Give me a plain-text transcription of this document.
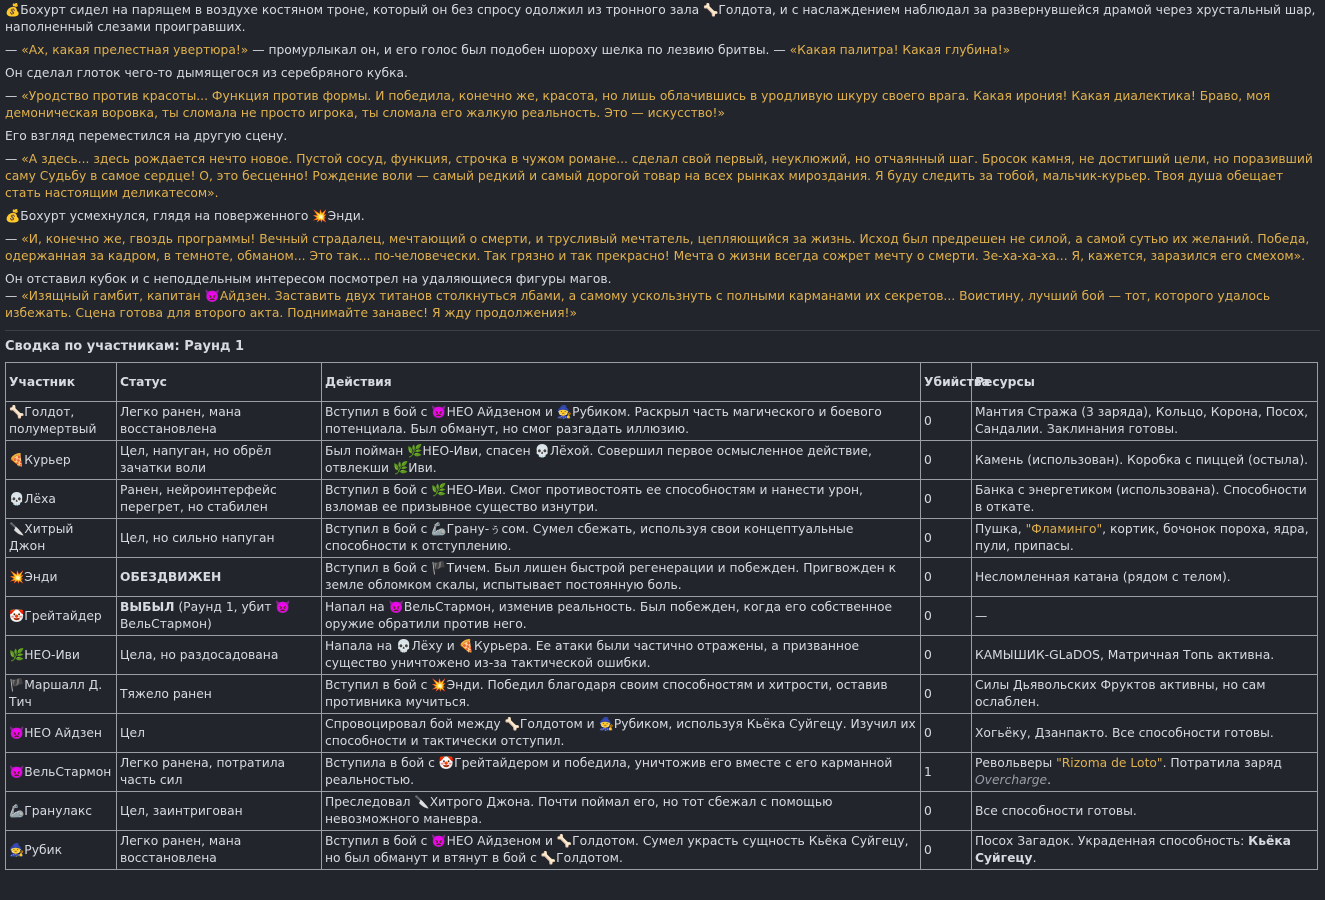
💰Бохурт сидел на парящем в воздухе костяном троне, который он без спросу одолжил из тронного зала 🦴Голдота, и с наслаждением наблюдал за развернувшейся драмой через хрустальный шар, наполненный слезами проигравших.

— «Ах, какая прелестная увертюра!» — промурлыкал он, и его голос был подобен шороху шелка по лезвию бритвы. — «Какая палитра! Какая глубина!»

Он сделал глоток чего-то дымящегося из серебряного кубка.

— «Уродство против красоты... Функция против формы. И победила, конечно же, красота, но лишь облачившись в уродливую шкуру своего врага. Какая ирония! Какая диалектика! Браво, моя демоническая воровка, ты сломала не просто игрока, ты сломала его жалкую реальность. Это — искусство!»

Его взгляд переместился на другую сцену.

— «А здесь... здесь рождается нечто новое. Пустой сосуд, функция, строчка в чужом романе... сделал свой первый, неуклюжий, но отчаянный шаг. Бросок камня, не достигший цели, но поразивший саму Судьбу в самое сердце! О, это бесценно! Рождение воли — самый редкий и самый дорогой товар на всех рынках мироздания. Я буду следить за тобой, мальчик-курьер. Твоя душа обещает стать настоящим деликатесом».

💰Бохурт усмехнулся, глядя на поверженного 💥Энди.

— «И, конечно же, гвоздь программы! Вечный страдалец, мечтающий о смерти, и трусливый мечтатель, цепляющийся за жизнь. Исход был предрешен не силой, а самой сутью их желаний. Победа, одержанная за кадром, в темноте, обманом... Это так... по-человечески. Так грязно и так прекрасно! Мечта о жизни всегда сожрет мечту о смерти. Зе-ха-ха-ха... Я, кажется, заразился его смехом».

Он отставил кубок и с неподдельным интересом посмотрел на удаляющиеся фигуры магов.

— «Изящный гамбит, капитан 👿Айдзен. Заставить двух титанов столкнуться лбами, а самому ускользнуть с полными карманами их секретов... Воистину, лучший бой — тот, которого удалось избежать. Сцена готова для второго акта. Поднимайте занавес! Я жду продолжения!»

Сводка по участникам: Раунд 1
Участник	Статус	Действия	Убийства	Ресурсы
🦴Голдот, полумертвый	Легко ранен, мана восстановлена	Вступил в бой с 👿НЕО Айдзеном и 🧙Рубиком. Раскрыл часть магического и боевого потенциала. Был обманут, но смог разгадать иллюзию.	0	Мантия Стража (3 заряда), Кольцо, Корона, Посох, Сандалии. Заклинания готовы.
🍕Курьер	Цел, напуган, но обрёл зачатки воли	Был пойман 🌿НЕО-Иви, спасен 💀Лёхой. Совершил первое осмысленное действие, отвлекши 🌿Иви.	0	Камень (использован). Коробка с пиццей (остыла).
💀Лёха	Ранен, нейроинтерфейс перегрет, но стабилен	Вступил в бой с 🌿НЕО-Иви. Смог противостоять ее способностям и нанести урон, взломав ее призывное существо изнутри.	0	Банка с энергетиком (использована). Способности в откате.
🔪Хитрый Джон	Цел, но сильно напуган	Вступил в бой с 🦾Грану-ぅсом. Сумел сбежать, используя свои концептуальные способности к отступлению.	0	Пушка, "Фламинго", кортик, бочонок пороха, ядра, пули, припасы.
💥Энди	ОБЕЗДВИЖЕН	Вступил в бой с 🏴Тичем. Был лишен быстрой регенерации и побежден. Пригвожден к земле обломком скалы, испытывает постоянную боль.	0	Несломленная катана (рядом с телом).
🤡Грейтайдер	ВЫБЫЛ (Раунд 1, убит 👿ВельСтармон)	Напал на 👿ВельСтармон, изменив реальность. Был побежден, когда его собственное оружие обратили против него.	0	—
🌿НЕО-Иви	Цела, но раздосадована	Напала на 💀Лёху и 🍕Курьера. Ее атаки были частично отражены, а призванное существо уничтожено из-за тактической ошибки.	0	КАМЫШИК-GLaDOS, Матричная Топь активна.
🏴Маршалл Д. Тич	Тяжело ранен	Вступил в бой с 💥Энди. Победил благодаря своим способностям и хитрости, оставив противника мучиться.	0	Силы Дьявольских Фруктов активны, но сам ослаблен.
👿НЕО Айдзен	Цел	Спровоцировал бой между 🦴Голдотом и 🧙Рубиком, используя Кьёка Суйгецу. Изучил их способности и тактически отступил.	0	Хогьёку, Дзанпакто. Все способности готовы.
👿ВельСтармон	Легко ранена, потратила часть сил	Вступила в бой с 🤡Грейтайдером и победила, уничтожив его вместе с его карманной реальностью.	1	Револьверы "Rizoma de Loto". Потратила заряд Overcharge.
🦾Гранулакс	Цел, заинтригован	Преследовал 🔪Хитрого Джона. Почти поймал его, но тот сбежал с помощью невозможного маневра.	0	Все способности готовы.
🧙Рубик	Легко ранен, мана восстановлена	Вступил в бой с 👿НЕО Айдзеном и 🦴Голдотом. Сумел украсть сущность Кьёка Суйгецу, но был обманут и втянут в бой с 🦴Голдотом.	0	Посох Загадок. Украденная способность: Кьёка Суйгецу.
